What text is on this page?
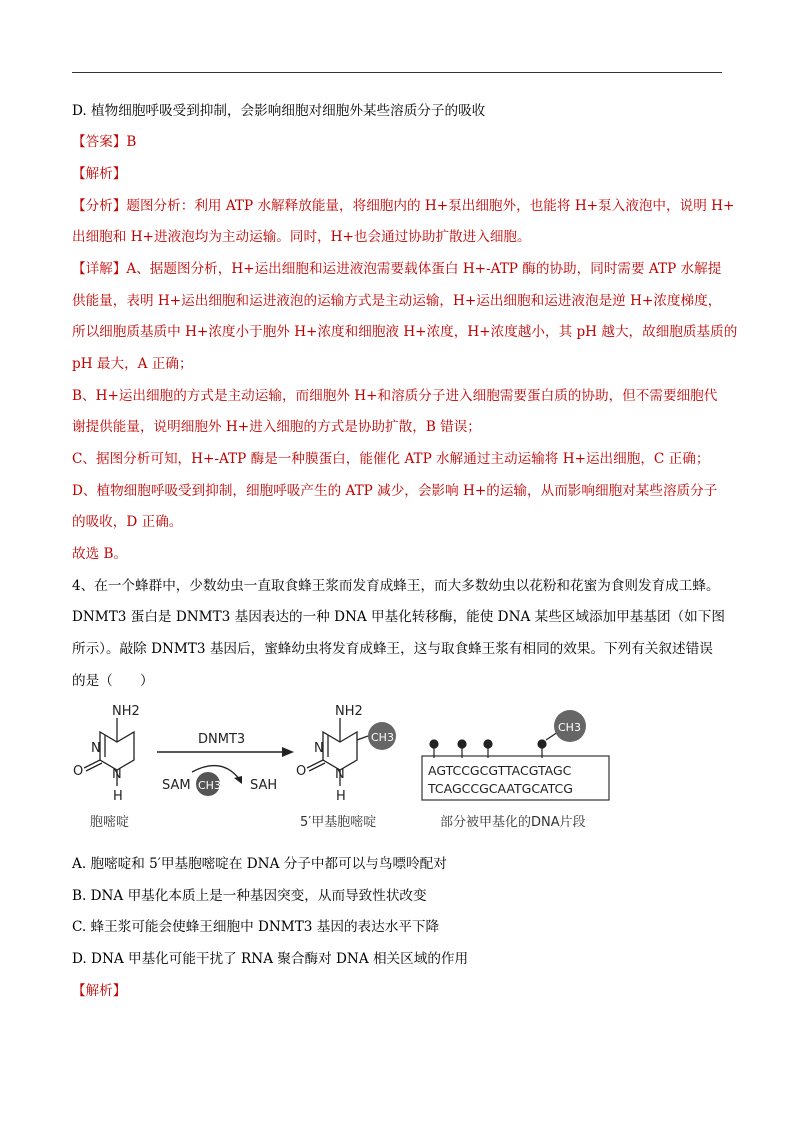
D. 植物细胞呼吸受到抑制，会影响细胞对细胞外某些溶质分子的吸收
【答案】B
【解析】
【分析】题图分析：利用 ATP 水解释放能量，将细胞内的 H+泵出细胞外，也能将 H+泵入液泡中，说明 H+
出细胞和 H+进液泡均为主动运输。同时，H+也会通过协助扩散进入细胞。
【详解】A、据题图分析，H+运出细胞和运进液泡需要载体蛋白 H+-ATP 酶的协助，同时需要 ATP 水解提
供能量，表明 H+运出细胞和运进液泡的运输方式是主动运输，H+运出细胞和运进液泡是逆 H+浓度梯度，
所以细胞质基质中 H+浓度小于胞外 H+浓度和细胞液 H+浓度，H+浓度越小，其 pH 越大，故细胞质基质的
pH 最大，A 正确；
B、H+运出细胞的方式是主动运输，而细胞外 H+和溶质分子进入细胞需要蛋白质的协助，但不需要细胞代
谢提供能量，说明细胞外 H+进入细胞的方式是协助扩散，B 错误；
C、据图分析可知，H+-ATP 酶是一种膜蛋白，能催化 ATP 水解通过主动运输将 H+运出细胞，C 正确；
D、植物细胞呼吸受到抑制，细胞呼吸产生的 ATP 减少，会影响 H+的运输，从而影响细胞对某些溶质分子
的吸收，D 正确。
故选 B。
4、在一个蜂群中，少数幼虫一直取食蜂王浆而发育成蜂王，而大多数幼虫以花粉和花蜜为食则发育成工蜂。
DNMT3 蛋白是 DNMT3 基因表达的一种 DNA 甲基化转移酶，能使 DNA 某些区域添加甲基基团（如下图
所示）。敲除 DNMT3 基因后，蜜蜂幼虫将发育成蜂王，这与取食蜂王浆有相同的效果。下列有关叙述错误
的是（　　）
NH2
N
N
O
H
胞嘧啶
DNMT3
SAM CH3 SAH
NH2
N
N
O
H
CH3
5′甲基胞嘧啶
CH3
AGTCCGCGTTACGTAGC
TCAGCCGCAATGCATCG
部分被甲基化的DNA片段
A. 胞嘧啶和 5′甲基胞嘧啶在 DNA 分子中都可以与鸟嘌呤配对
B. DNA 甲基化本质上是一种基因突变，从而导致性状改变
C. 蜂王浆可能会使蜂王细胞中 DNMT3 基因的表达水平下降
D. DNA 甲基化可能干扰了 RNA 聚合酶对 DNA 相关区域的作用
【解析】
